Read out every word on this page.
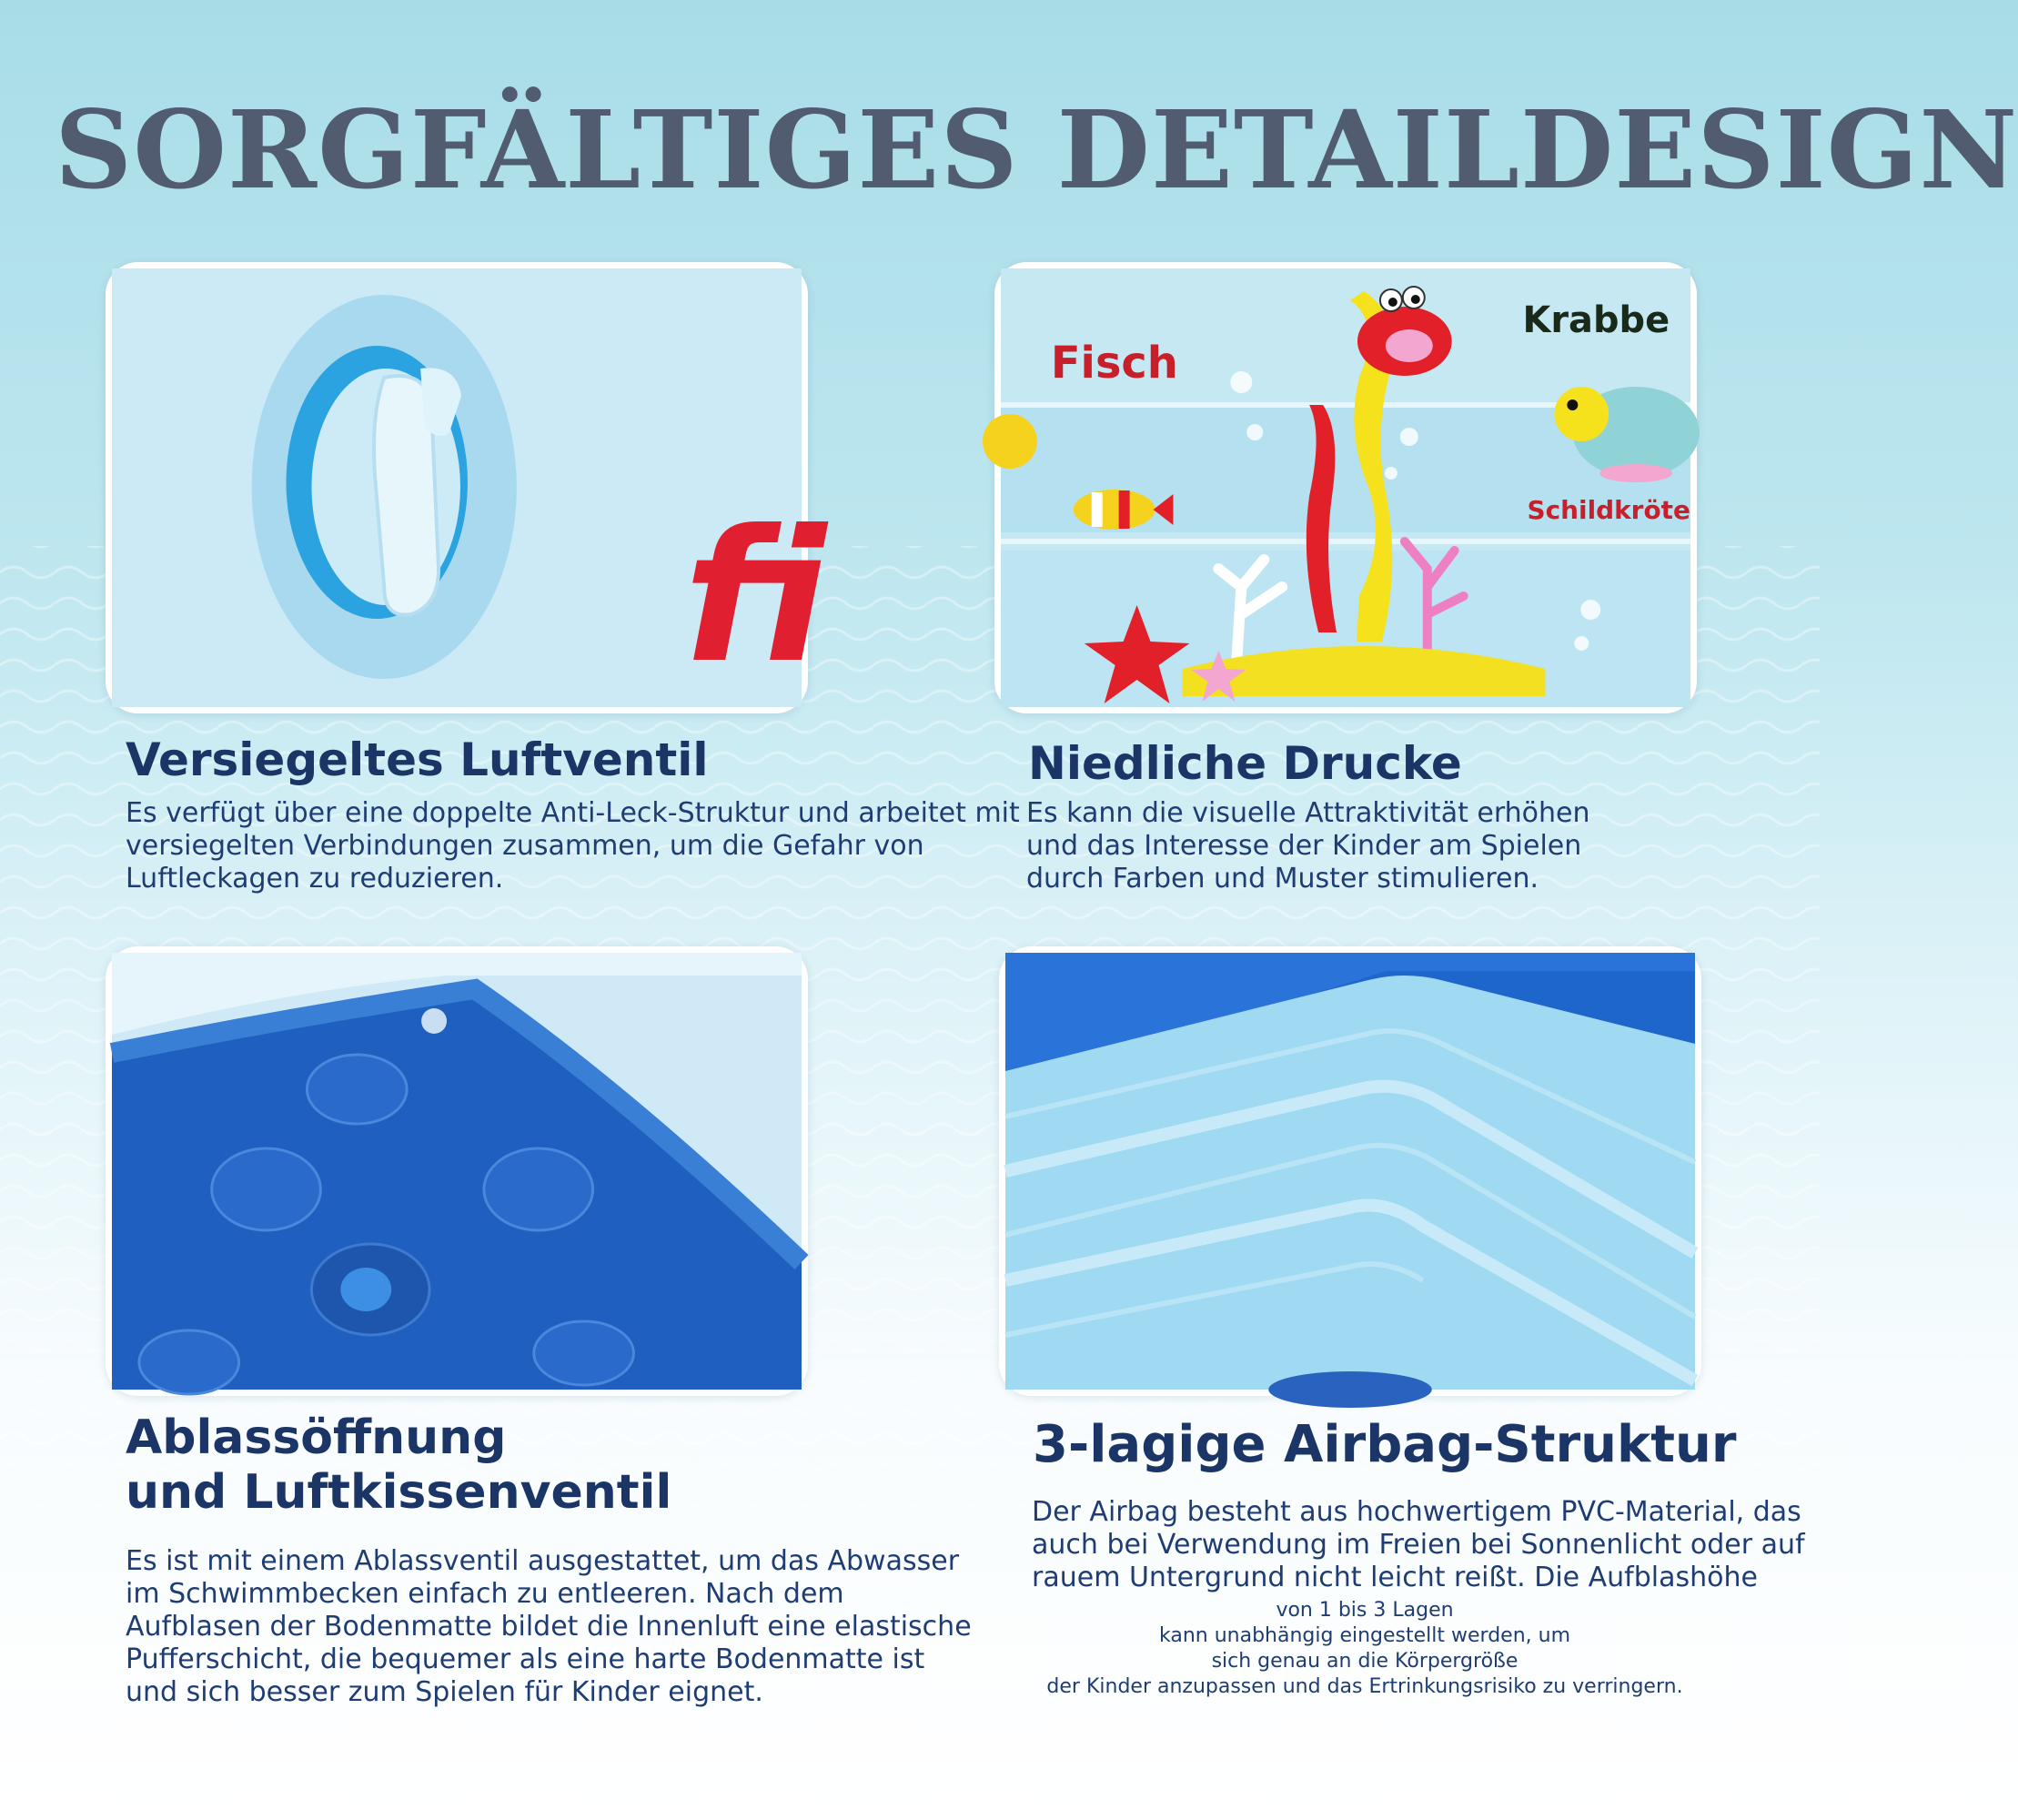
SORGFÄLTIGES DETAILDESIGN
fi
Fisch
Krabbe
Schildkröte
Versiegeltes Luftventil

Es verfügt über eine doppelte Anti-Leck-Struktur und arbeitet mit versiegelten Verbindungen zusammen, um die Gefahr von Luftleckagen zu reduzieren.

Niedliche Drucke

Es kann die visuelle Attraktivität erhöhen und das Interesse der Kinder am Spielen durch Farben und Muster stimulieren.

Ablassöffnung
und Luftkissenventil

Es ist mit einem Ablassventil ausgestattet, um das Abwasser im Schwimmbecken einfach zu entleeren. Nach dem Aufblasen der Bodenmatte bildet die Innenluft eine elastische Pufferschicht, die bequemer als eine harte Bodenmatte ist und sich besser zum Spielen für Kinder eignet.

3-lagige Airbag-Struktur

Der Airbag besteht aus hochwertigem PVC-Material, das auch bei Verwendung im Freien bei Sonnenlicht oder auf rauem Untergrund nicht leicht reißt. Die Aufblashöhe

von 1 bis 3 Lagen
kann unabhängig eingestellt werden, um
sich genau an die Körpergröße
der Kinder anzupassen und das Ertrinkungsrisiko zu verringern.
